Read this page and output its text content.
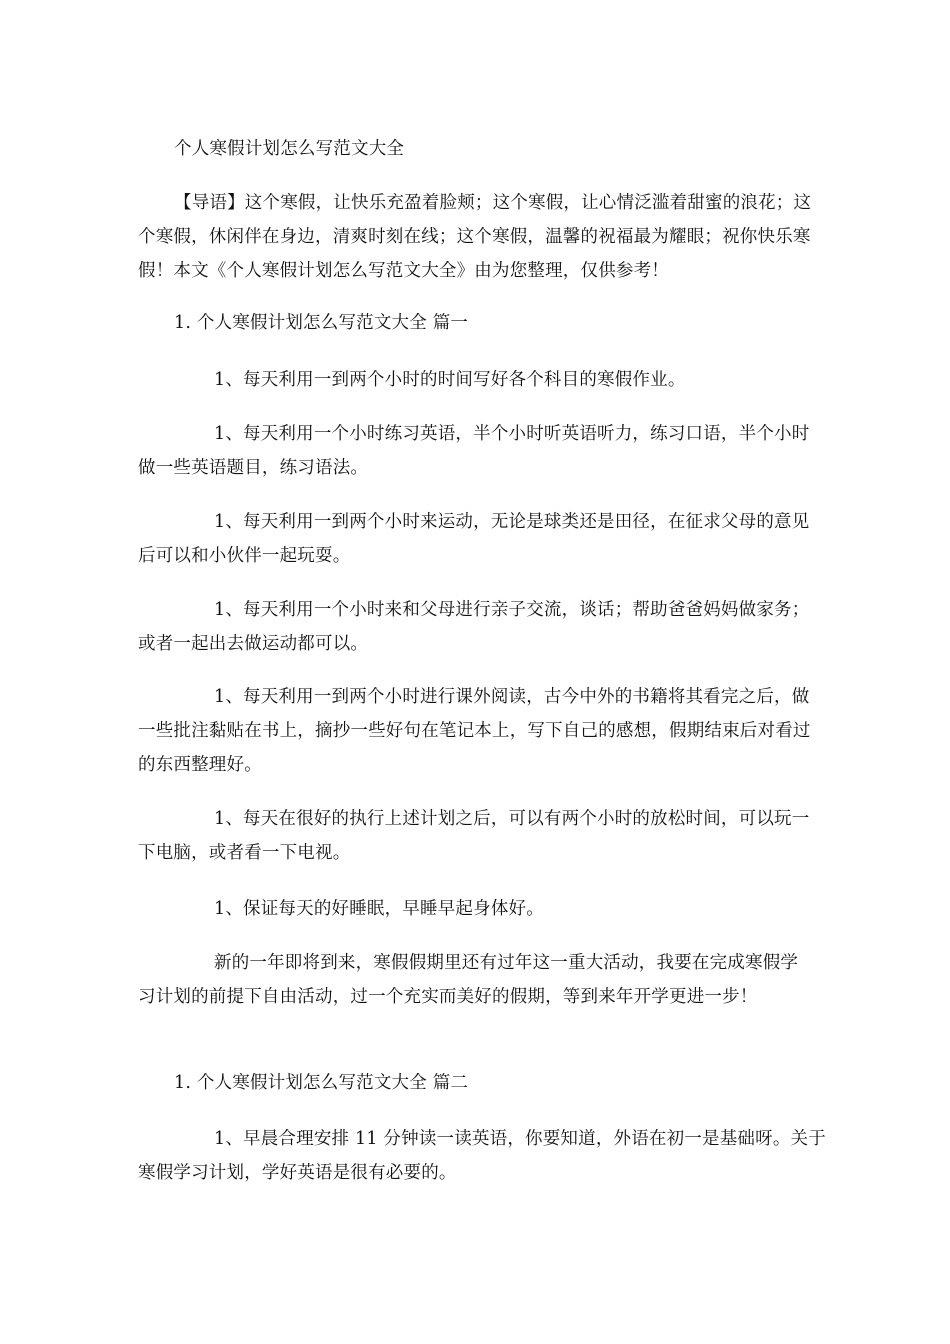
个人寒假计划怎么写范文大全

【导语】这个寒假，让快乐充盈着脸颊；这个寒假，让心情泛滥着甜蜜的浪花；这个寒假，休闲伴在身边，清爽时刻在线；这个寒假，温馨的祝福最为耀眼；祝你快乐寒假！本文《个人寒假计划怎么写范文大全》由为您整理，仅供参考！

1. 个人寒假计划怎么写范文大全 篇一

1、每天利用一到两个小时的时间写好各个科目的寒假作业。

1、每天利用一个小时练习英语，半个小时听英语听力，练习口语，半个小时做一些英语题目，练习语法。

1、每天利用一到两个小时来运动，无论是球类还是田径，在征求父母的意见后可以和小伙伴一起玩耍。

1、每天利用一个小时来和父母进行亲子交流，谈话；帮助爸爸妈妈做家务；或者一起出去做运动都可以。

1、每天利用一到两个小时进行课外阅读，古今中外的书籍将其看完之后，做一些批注黏贴在书上，摘抄一些好句在笔记本上，写下自己的感想，假期结束后对看过的东西整理好。

1、每天在很好的执行上述计划之后，可以有两个小时的放松时间，可以玩一下电脑，或者看一下电视。

1、保证每天的好睡眠，早睡早起身体好。

新的一年即将到来，寒假假期里还有过年这一重大活动，我要在完成寒假学习计划的前提下自由活动，过一个充实而美好的假期，等到来年开学更进一步！

1. 个人寒假计划怎么写范文大全 篇二

1、早晨合理安排 11 分钟读一读英语，你要知道，外语在初一是基础呀。关于寒假学习计划，学好英语是很有必要的。
